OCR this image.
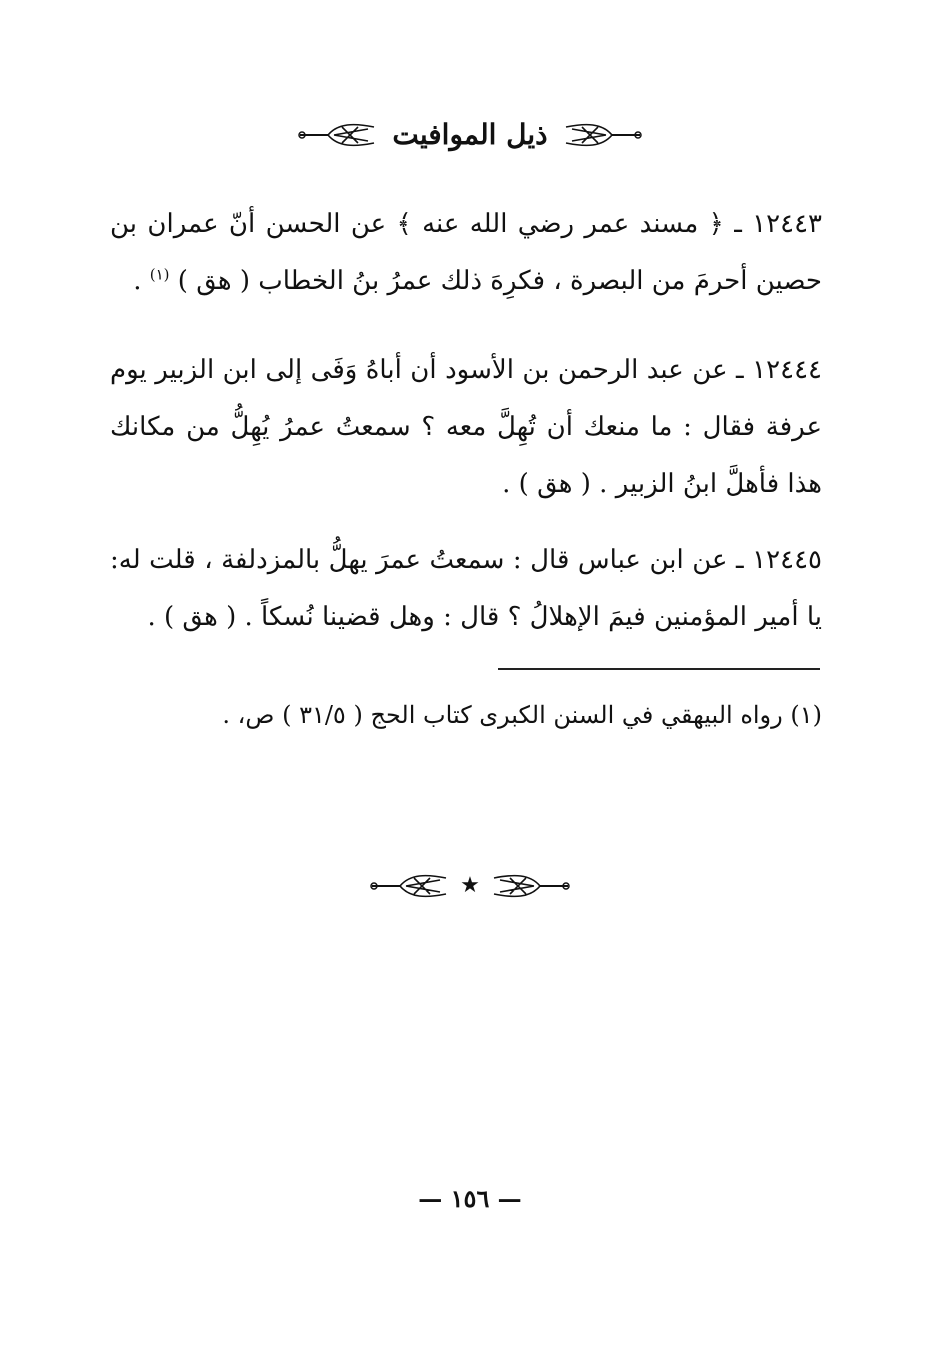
ذيل الموافيت
١٢٤٤٣ ـ ﴿ مسند عمر رضي الله عنه ﴾ عن الحسن أنّ عمران بن حصين أحرمَ من البصرة ، فكرِهَ ذلك عمرُ بنُ الخطاب ( هق ) $^{(١)}$ .
١٢٤٤٤ ـ عن عبد الرحمن بن الأسود أن أباهُ وَفَى إلى ابن الزبير يوم عرفة فقال : ما منعك أن تُهِلَّ معه ؟ سمعتُ عمرُ يُهِلُّ من مكانك هذا فأهلَّ ابنُ الزبير . ( هق ) .
١٢٤٤٥ ـ عن ابن عباس قال : سمعتُ عمرَ يهلُّ بالمزدلفة ، قلت له: يا أمير المؤمنين فيمَ الإهلالُ ؟ قال : وهل قضينا نُسكاً . ( هق ) .
(١) رواه البيهقي في السنن الكبرى كتاب الحج ( ٣١/٥ ) ص، .
★
— ١٥٦ —
